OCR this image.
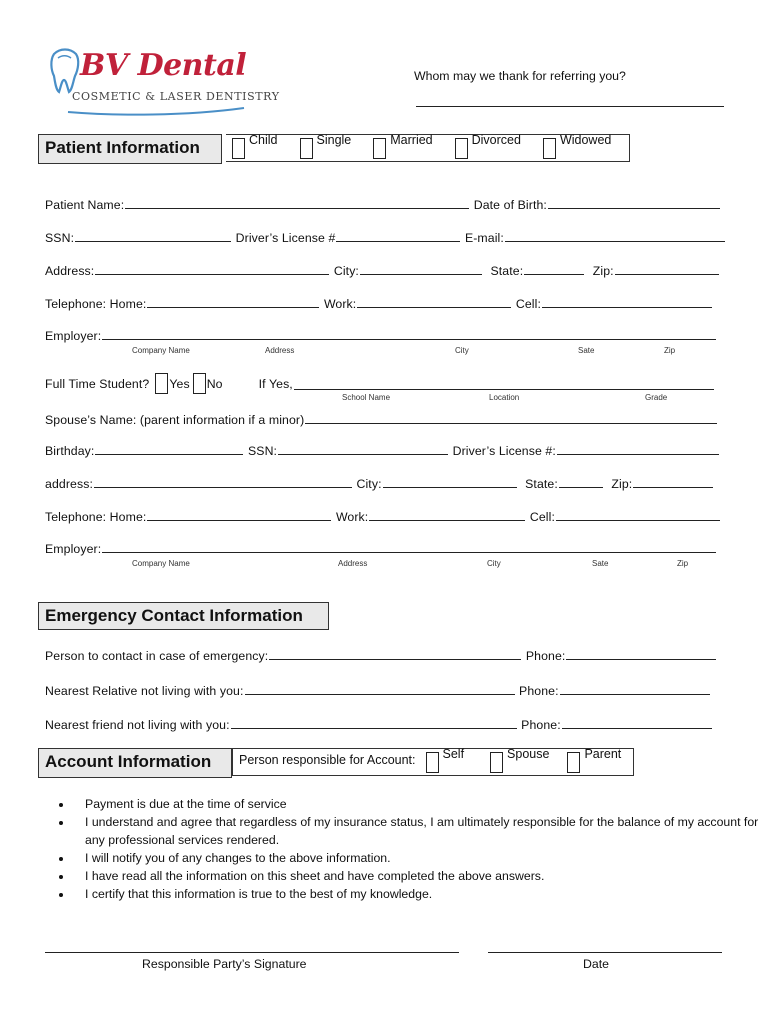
BV Dental
COSMETIC & LASER DENTISTRY
Whom may we thank for referring you?
Patient Information	Child	Single	Married	Divorced	Widowed
Patient Name:	Date of Birth:
SSN:	Driver’s License #	E-mail:
Address:	City:	State:	Zip:
Telephone: Home:	Work:	Cell:
Employer:
Company Name	Address	City	Sate	Zip
Full Time Student? Yes No	If Yes,
School Name	Location	Grade
Spouse’s Name: (parent information if a minor)
Birthday:	SSN:	Driver’s License #:
address:	City:	State:	Zip:
Telephone: Home:	Work:	Cell:
Employer:
Company Name	Address	City	Sate	Zip
Emergency Contact Information
Person to contact in case of emergency:	Phone:
Nearest Relative not living with you:	Phone:
Nearest friend not living with you:	Phone:
Account Information	Person responsible for Account: Self	Spouse	Parent
• Payment is due at the time of service
• I understand and agree that regardless of my insurance status, I am ultimately responsible for the balance of my account for any professional services rendered.
• I will notify you of any changes to the above information.
• I have read all the information on this sheet and have completed the above answers.
• I certify that this information is true to the best of my knowledge.
Responsible Party’s Signature	Date
